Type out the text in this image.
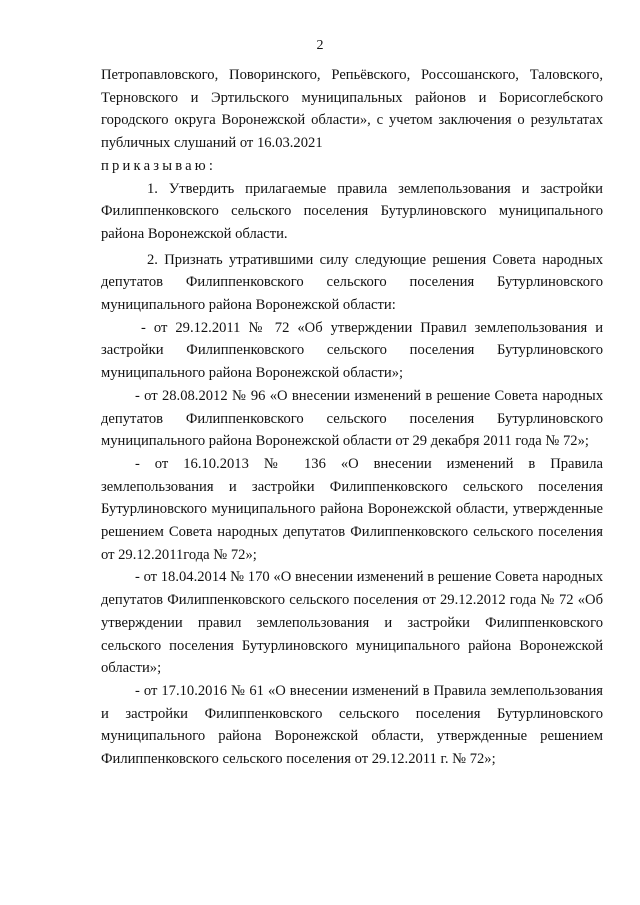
2

Петропавловского, Поворинского, Репьёвского, Россошанского, Таловского, Терновского и Эртильского муниципальных районов и Борисоглебского городского округа Воронежской области», с учетом заключения о результатах публичных слушаний от 16.03.2021

приказываю:

1. Утвердить прилагаемые правила землепользования и застройки Филиппенковского сельского поселения Бутурлиновского муниципального района Воронежской области.

2. Признать утратившими силу следующие решения Совета народных депутатов Филиппенковского сельского поселения Бутурлиновского муниципального района Воронежской области:

- от 29.12.2011 № 72 «Об утверждении Правил землепользования и застройки Филиппенковского сельского поселения Бутурлиновского муниципального района Воронежской области»;

- от 28.08.2012 № 96 «О внесении изменений в решение Совета народных депутатов Филиппенковского сельского поселения Бутурлиновского муниципального района Воронежской области от 29 декабря 2011 года № 72»;

- от 16.10.2013 № 136 «О внесении изменений в Правила землепользования и застройки Филиппенковского сельского поселения Бутурлиновского муниципального района Воронежской области, утвержденные решением Совета народных депутатов Филиппенковского сельского поселения от 29.12.2011года № 72»;

- от 18.04.2014 № 170 «О внесении изменений в решение Совета народных депутатов Филиппенковского сельского поселения от 29.12.2012 года № 72 «Об утверждении правил землепользования и застройки Филиппенковского сельского поселения Бутурлиновского муниципального района Воронежской области»;

- от 17.10.2016 № 61 «О внесении изменений в Правила землепользования и застройки Филиппенковского сельского поселения Бутурлиновского муниципального района Воронежской области, утвержденные решением Филиппенковского сельского поселения от 29.12.2011 г. № 72»;
